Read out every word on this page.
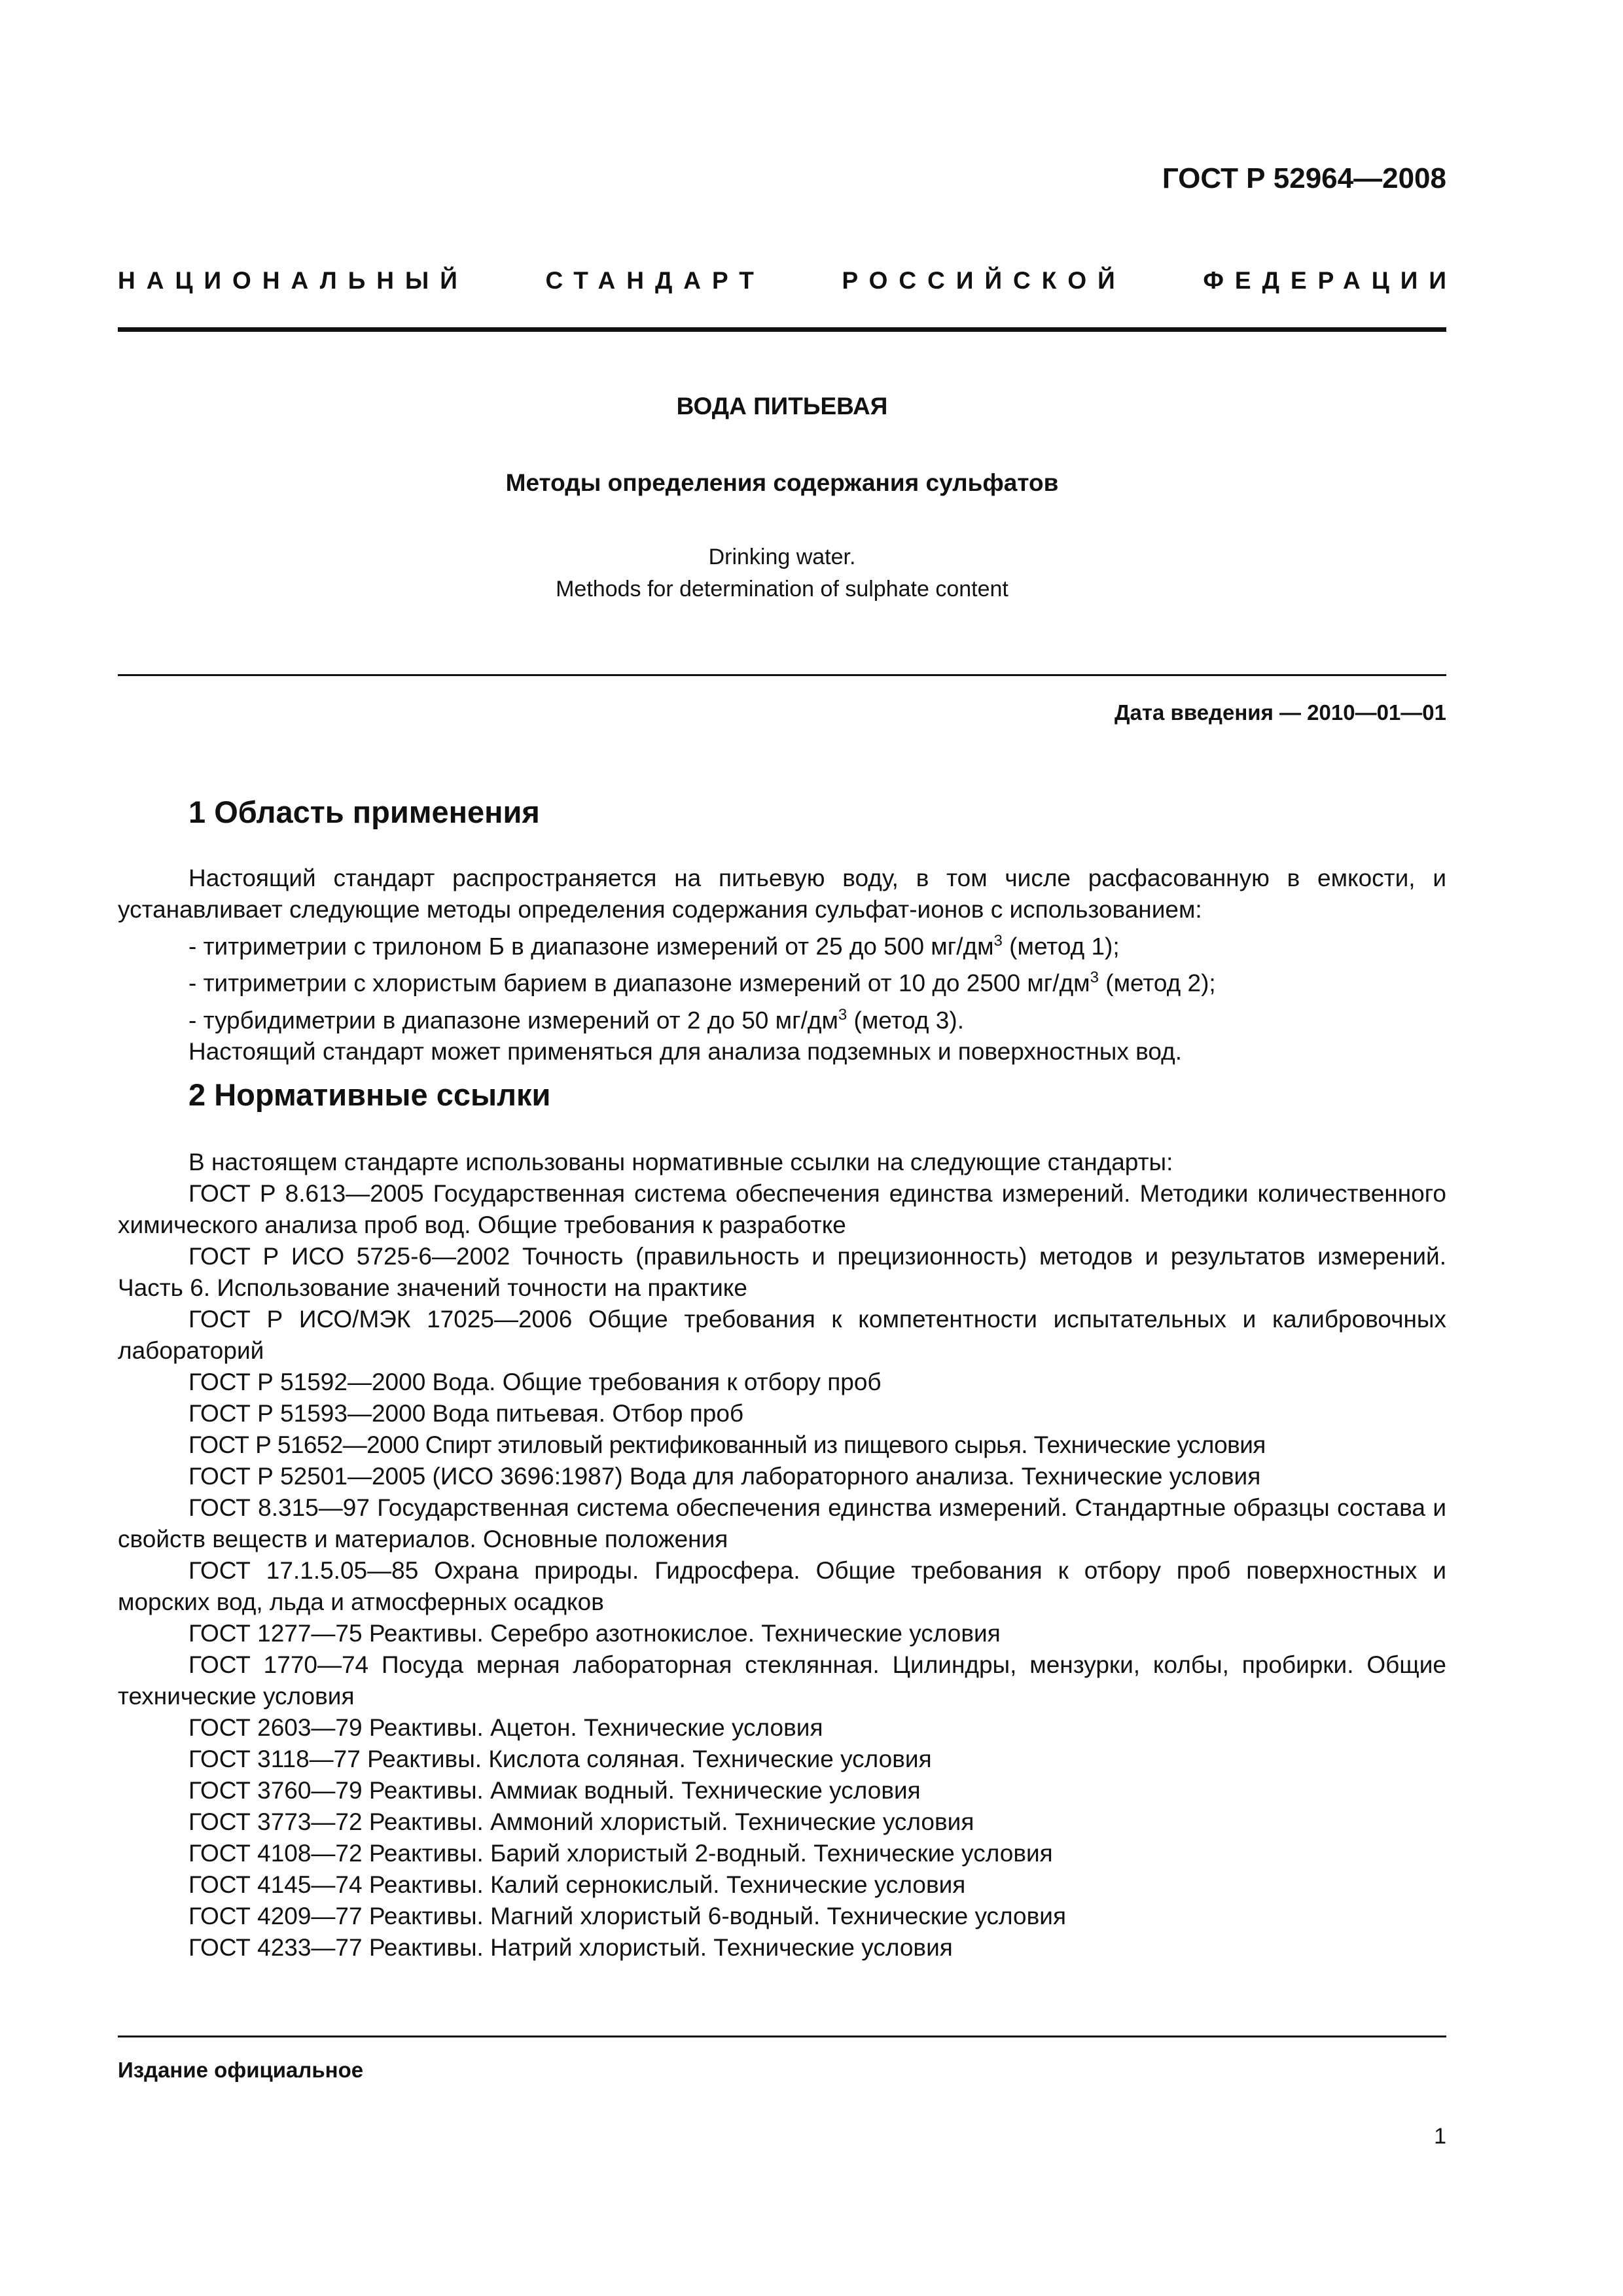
ГОСТ Р 52964—2008
НАЦИОНАЛЬНЫЙ	СТАНДАРТ	РОССИЙСКОЙ	ФЕДЕРАЦИИ
ВОДА ПИТЬЕВАЯ
Методы определения содержания сульфатов
Drinking water.
Methods for determination of sulphate content
Дата введения — 2010—01—01
1 Область применения

Настоящий стандарт распространяется на питьевую воду, в том числе расфасованную в емкости, и устанавливает следующие методы определения содержания сульфат-ионов с использованием:

- титриметрии с трилоном Б в диапазоне измерений от 25 до 500 $мг/дм^3$ (метод 1);
- титриметрии с хлористым барием в диапазоне измерений от 10 до 2500 $мг/дм^3$ (метод 2);
- турбидиметрии в диапазоне измерений от 2 до 50 $мг/дм^3$ (метод 3).

Настоящий стандарт может применяться для анализа подземных и поверхностных вод.

2 Нормативные ссылки

В настоящем стандарте использованы нормативные ссылки на следующие стандарты:

ГОСТ Р 8.613—2005 Государственная система обеспечения единства измерений. Методики количественного химического анализа проб вод. Общие требования к разработке

ГОСТ Р ИСО 5725-6—2002 Точность (правильность и прецизионность) методов и результатов измерений. Часть 6. Использование значений точности на практике

ГОСТ Р ИСО/МЭК 17025—2006 Общие требования к компетентности испытательных и калибровочных лабораторий

ГОСТ Р 51592—2000 Вода. Общие требования к отбору проб

ГОСТ Р 51593—2000 Вода питьевая. Отбор проб

ГОСТ Р 51652—2000 Спирт этиловый ректификованный из пищевого сырья. Технические условия

ГОСТ Р 52501—2005 (ИСО 3696:1987) Вода для лабораторного анализа. Технические условия

ГОСТ 8.315—97 Государственная система обеспечения единства измерений. Стандартные образцы состава и свойств веществ и материалов. Основные положения

ГОСТ 17.1.5.05—85 Охрана природы. Гидросфера. Общие требования к отбору проб поверхностных и морских вод, льда и атмосферных осадков

ГОСТ 1277—75 Реактивы. Серебро азотнокислое. Технические условия

ГОСТ 1770—74 Посуда мерная лабораторная стеклянная. Цилиндры, мензурки, колбы, пробирки. Общие технические условия

ГОСТ 2603—79 Реактивы. Ацетон. Технические условия

ГОСТ 3118—77 Реактивы. Кислота соляная. Технические условия

ГОСТ 3760—79 Реактивы. Аммиак водный. Технические условия

ГОСТ 3773—72 Реактивы. Аммоний хлористый. Технические условия

ГОСТ 4108—72 Реактивы. Барий хлористый 2-водный. Технические условия

ГОСТ 4145—74 Реактивы. Калий сернокислый. Технические условия

ГОСТ 4209—77 Реактивы. Магний хлористый 6-водный. Технические условия

ГОСТ 4233—77 Реактивы. Натрий хлористый. Технические условия

Издание официальное
1
